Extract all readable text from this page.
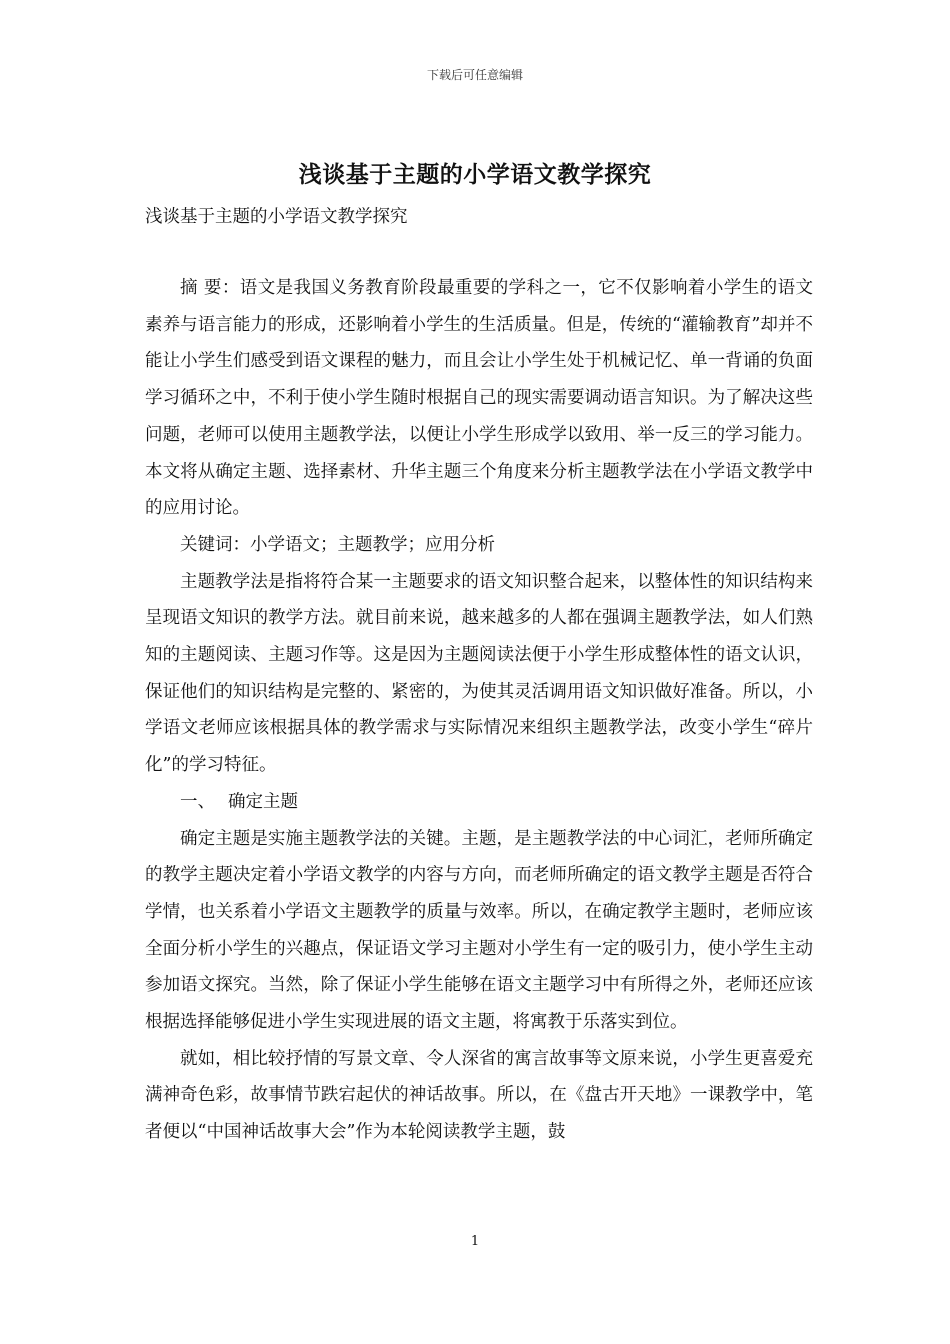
下载后可任意编辑
浅谈基于主题的小学语文教学探究
浅谈基于主题的小学语文教学探究

摘 要：语文是我国义务教育阶段最重要的学科之一，它不仅影响着小学生的语文素养与语言能力的形成，还影响着小学生的生活质量。但是，传统的“灌输教育”却并不能让小学生们感受到语文课程的魅力，而且会让小学生处于机械记忆、单一背诵的负面学习循环之中，不利于使小学生随时根据自己的现实需要调动语言知识。为了解决这些问题，老师可以使用主题教学法，以便让小学生形成学以致用、举一反三的学习能力。本文将从确定主题、选择素材、升华主题三个角度来分析主题教学法在小学语文教学中的应用讨论。

关键词：小学语文；主题教学；应用分析

主题教学法是指将符合某一主题要求的语文知识整合起来，以整体性的知识结构来呈现语文知识的教学方法。就目前来说，越来越多的人都在强调主题教学法，如人们熟知的主题阅读、主题习作等。这是因为主题阅读法便于小学生形成整体性的语文认识，保证他们的知识结构是完整的、紧密的，为使其灵活调用语文知识做好准备。所以，小学语文老师应该根据具体的教学需求与实际情况来组织主题教学法，改变小学生“碎片化”的学习特征。

一、 确定主题

确定主题是实施主题教学法的关键。主题，是主题教学法的中心词汇，老师所确定的教学主题决定着小学语文教学的内容与方向，而老师所确定的语文教学主题是否符合学情，也关系着小学语文主题教学的质量与效率。所以，在确定教学主题时，老师应该全面分析小学生的兴趣点，保证语文学习主题对小学生有一定的吸引力，使小学生主动参加语文探究。当然，除了保证小学生能够在语文主题学习中有所得之外，老师还应该根据选择能够促进小学生实现进展的语文主题，将寓教于乐落实到位。

就如，相比较抒情的写景文章、令人深省的寓言故事等文原来说，小学生更喜爱充满神奇色彩，故事情节跌宕起伏的神话故事。所以，在《盘古开天地》一课教学中，笔者便以“中国神话故事大会”作为本轮阅读教学主题，鼓

1
